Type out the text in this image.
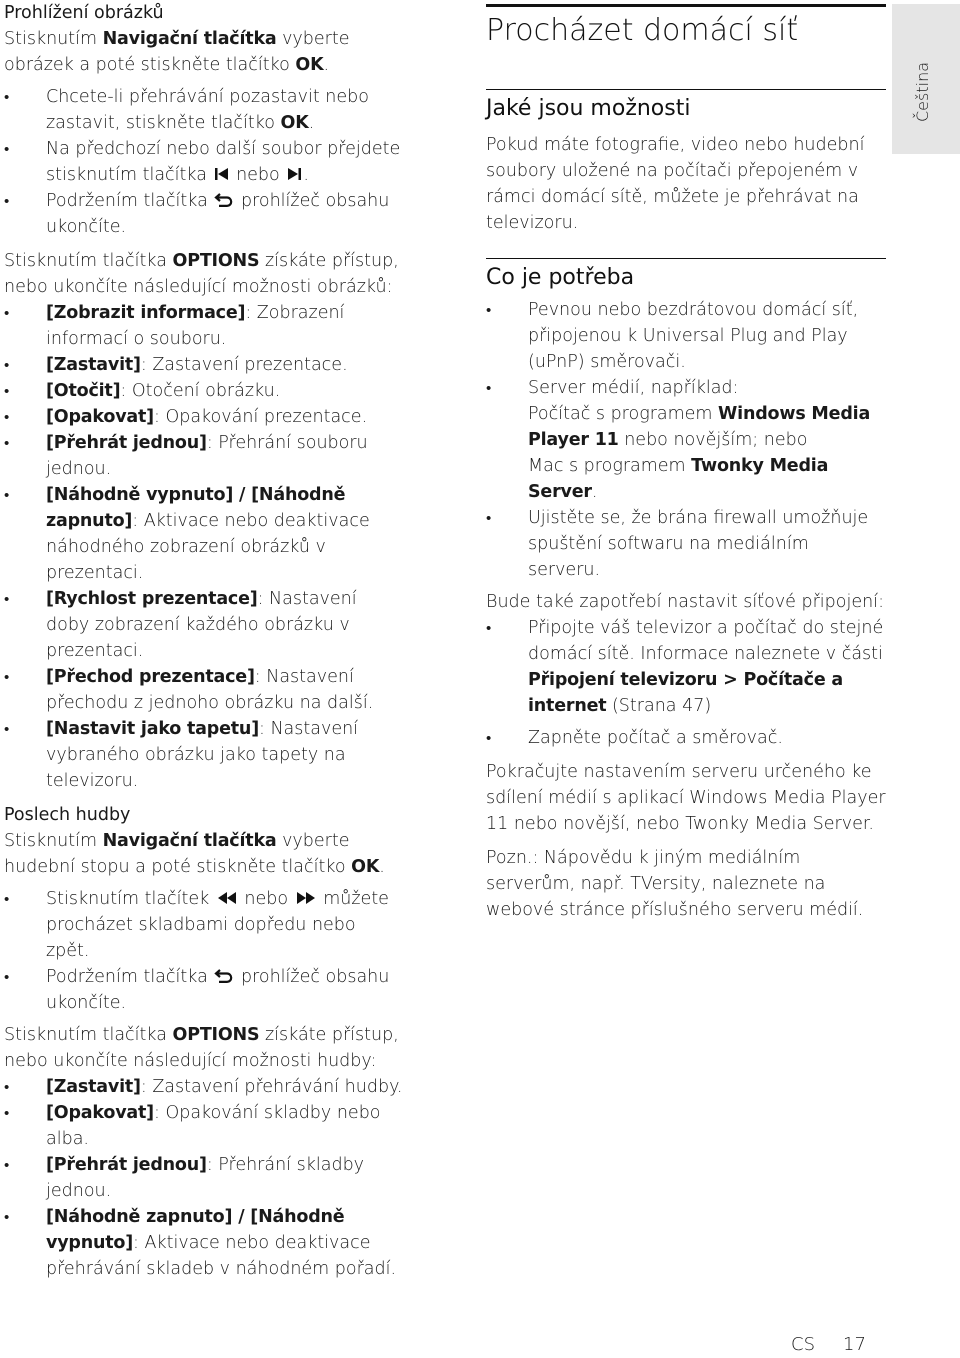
Prohlížení obrázků

Stisknutím Navigační tlačítka vyberte obrázek a poté stiskněte tlačítko OK.

• Chcete-li přehrávání pozastavit nebo zastavit, stiskněte tlačítko OK.
• Na předchozí nebo další soubor přejdete stisknutím tlačítka  nebo .
• Podržením tlačítka  prohlížeč obsahu ukončíte.

Stisknutím tlačítka OPTIONS získáte přístup, nebo ukončíte následující možnosti obrázků:

• [Zobrazit informace]: Zobrazení informací o souboru.
• [Zastavit]: Zastavení prezentace.
• [Otočit]: Otočení obrázku.
• [Opakovat]: Opakování prezentace.
• [Přehrát jednou]: Přehrání souboru jednou.
• [Náhodně vypnuto] / [Náhodně zapnuto]: Aktivace nebo deaktivace náhodného zobrazení obrázků v prezentaci.
• [Rychlost prezentace]: Nastavení doby zobrazení každého obrázku v prezentaci.
• [Přechod prezentace]: Nastavení přechodu z jednoho obrázku na další.
• [Nastavit jako tapetu]: Nastavení vybraného obrázku jako tapety na televizoru.

Poslech hudby

Stisknutím Navigační tlačítka vyberte hudební stopu a poté stiskněte tlačítko OK.

• Stisknutím tlačítek  nebo  můžete procházet skladbami dopředu nebo zpět.
• Podržením tlačítka  prohlížeč obsahu ukončíte.

Stisknutím tlačítka OPTIONS získáte přístup, nebo ukončíte následující možnosti hudby:

• [Zastavit]: Zastavení přehrávání hudby.
• [Opakovat]: Opakování skladby nebo alba.
• [Přehrát jednou]: Přehrání skladby jednou.
• [Náhodně zapnuto] / [Náhodně vypnuto]: Aktivace nebo deaktivace přehrávání skladeb v náhodném pořadí.
Procházet domácí síť
Jaké jsou možnosti

Pokud máte fotografie, video nebo hudební soubory uložené na počítači přepojeném v rámci domácí sítě, můžete je přehrávat na televizoru.

Co je potřeba
• Pevnou nebo bezdrátovou domácí síť, připojenou k Universal Plug and Play (uPnP) směrovači.
• Server médií, například:
Počítač s programem Windows Media Player 11 nebo novějším; nebo
Mac s programem Twonky Media Server.
• Ujistěte se, že brána firewall umožňuje spuštění softwaru na mediálním serveru.

Bude také zapotřebí nastavit síťové připojení:

• Připojte váš televizor a počítač do stejné domácí sítě. Informace naleznete v části Připojení televizoru > Počítače a internet (Strana 47)
• Zapněte počítač a směrovač.

Pokračujte nastavením serveru určeného ke sdílení médií s aplikací Windows Media Player 11 nebo novější, nebo Twonky Media Server.

Pozn.: Nápovědu k jiným mediálním serverům, např. TVersity, naleznete na webové stránce příslušného serveru médií.

Čeština
CS 17
